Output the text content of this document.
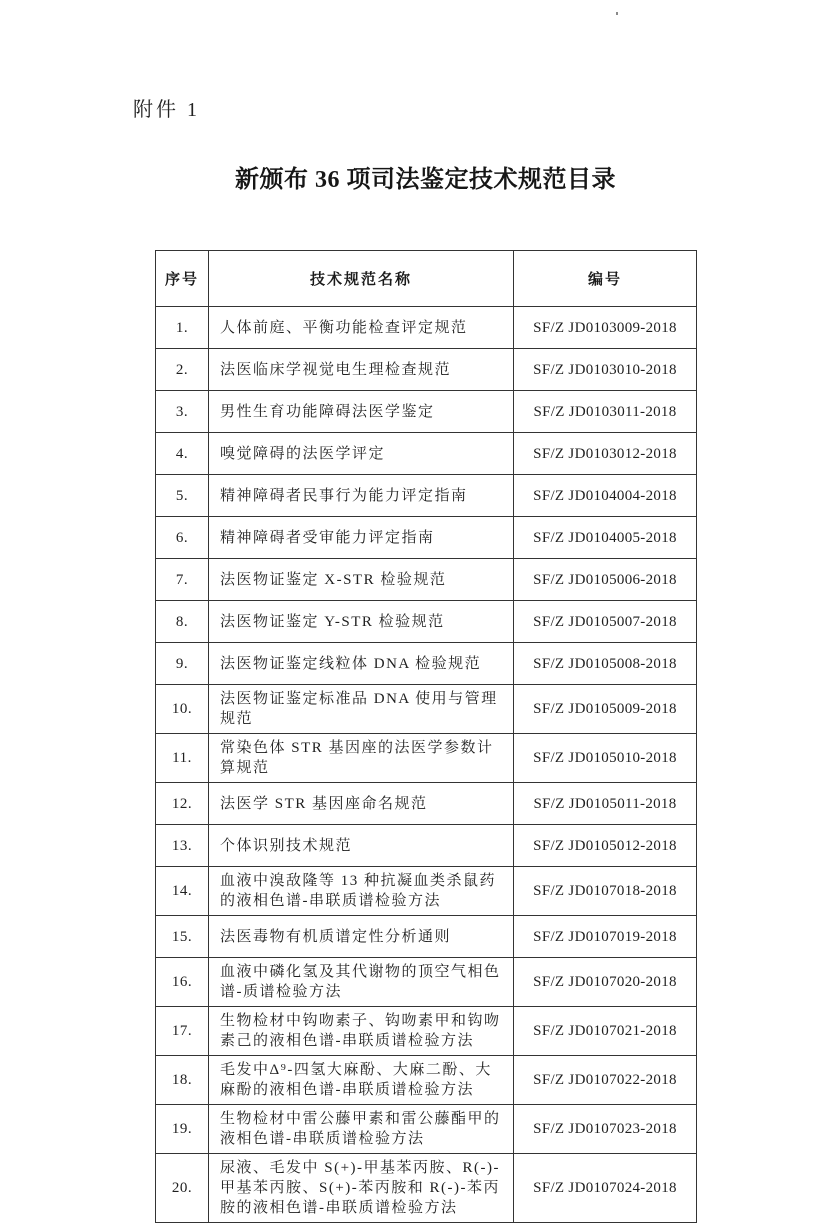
附件 1
新颁布 36 项司法鉴定技术规范目录
序号	技术规范名称	编号
1.	人体前庭、平衡功能检查评定规范	SF/Z JD0103009-2018
2.	法医临床学视觉电生理检查规范	SF/Z JD0103010-2018
3.	男性生育功能障碍法医学鉴定	SF/Z JD0103011-2018
4.	嗅觉障碍的法医学评定	SF/Z JD0103012-2018
5.	精神障碍者民事行为能力评定指南	SF/Z JD0104004-2018
6.	精神障碍者受审能力评定指南	SF/Z JD0104005-2018
7.	法医物证鉴定 X-STR 检验规范	SF/Z JD0105006-2018
8.	法医物证鉴定 Y-STR 检验规范	SF/Z JD0105007-2018
9.	法医物证鉴定线粒体 DNA 检验规范	SF/Z JD0105008-2018
10.	法医物证鉴定标准品 DNA 使用与管理规范	SF/Z JD0105009-2018
11.	常染色体 STR 基因座的法医学参数计算规范	SF/Z JD0105010-2018
12.	法医学 STR 基因座命名规范	SF/Z JD0105011-2018
13.	个体识别技术规范	SF/Z JD0105012-2018
14.	血液中溴敌隆等 13 种抗凝血类杀鼠药的液相色谱-串联质谱检验方法	SF/Z JD0107018-2018
15.	法医毒物有机质谱定性分析通则	SF/Z JD0107019-2018
16.	血液中磷化氢及其代谢物的顶空气相色谱-质谱检验方法	SF/Z JD0107020-2018
17.	生物检材中钩吻素子、钩吻素甲和钩吻素己的液相色谱-串联质谱检验方法	SF/Z JD0107021-2018
18.	毛发中Δ⁹-四氢大麻酚、大麻二酚、大麻酚的液相色谱-串联质谱检验方法	SF/Z JD0107022-2018
19.	生物检材中雷公藤甲素和雷公藤酯甲的液相色谱-串联质谱检验方法	SF/Z JD0107023-2018
20.	尿液、毛发中 S(+)-甲基苯丙胺、R(-)-甲基苯丙胺、S(+)-苯丙胺和 R(-)-苯丙胺的液相色谱-串联质谱检验方法	SF/Z JD0107024-2018
